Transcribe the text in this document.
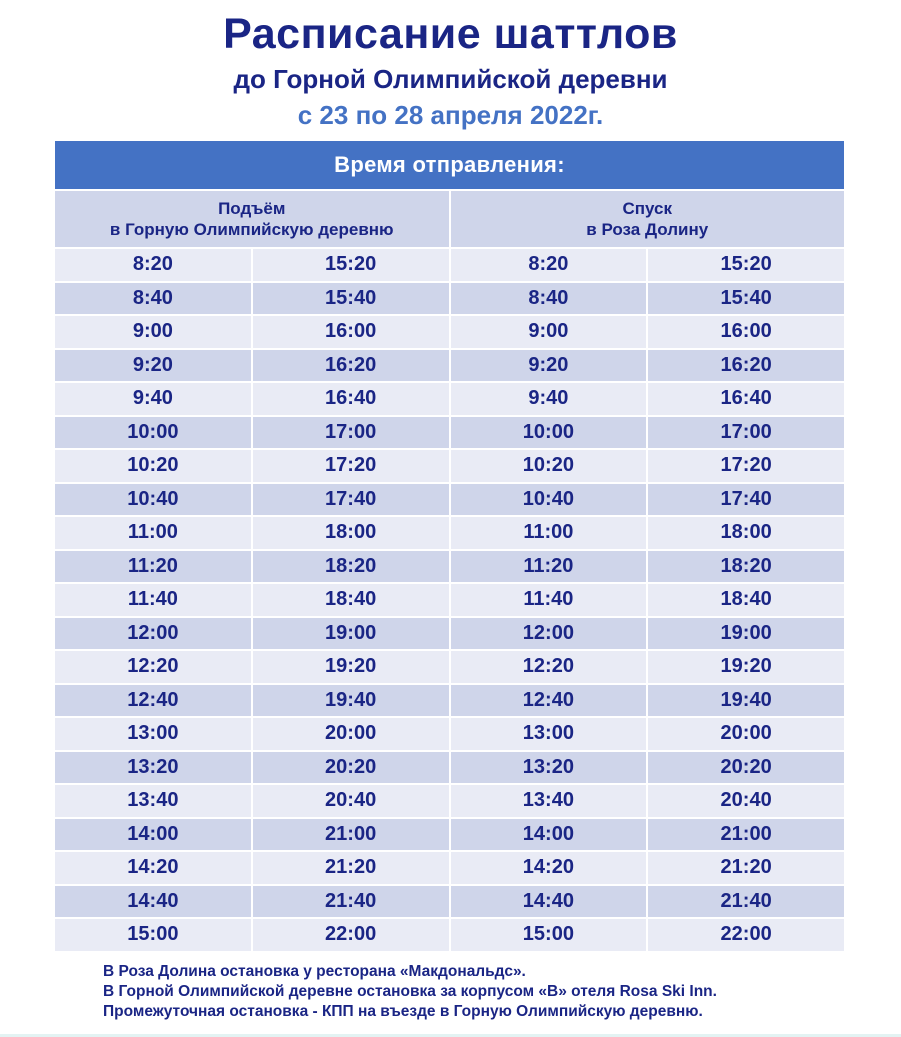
Расписание шаттлов
до Горной Олимпийской деревни
с 23 по 28 апреля 2022г.
Время отправления:
Подъём
в Горную Олимпийскую деревню
Спуск
в Роза Долину
8:20	15:20	8:20	15:20
8:40	15:40	8:40	15:40
9:00	16:00	9:00	16:00
9:20	16:20	9:20	16:20
9:40	16:40	9:40	16:40
10:00	17:00	10:00	17:00
10:20	17:20	10:20	17:20
10:40	17:40	10:40	17:40
11:00	18:00	11:00	18:00
11:20	18:20	11:20	18:20
11:40	18:40	11:40	18:40
12:00	19:00	12:00	19:00
12:20	19:20	12:20	19:20
12:40	19:40	12:40	19:40
13:00	20:00	13:00	20:00
13:20	20:20	13:20	20:20
13:40	20:40	13:40	20:40
14:00	21:00	14:00	21:00
14:20	21:20	14:20	21:20
14:40	21:40	14:40	21:40
15:00	22:00	15:00	22:00
В Роза Долина остановка у ресторана «Макдональдс».
В Горной Олимпийской деревне остановка за корпусом «В» отеля Rosa Ski Inn.
Промежуточная остановка - КПП на въезде в Горную Олимпийскую деревню.
